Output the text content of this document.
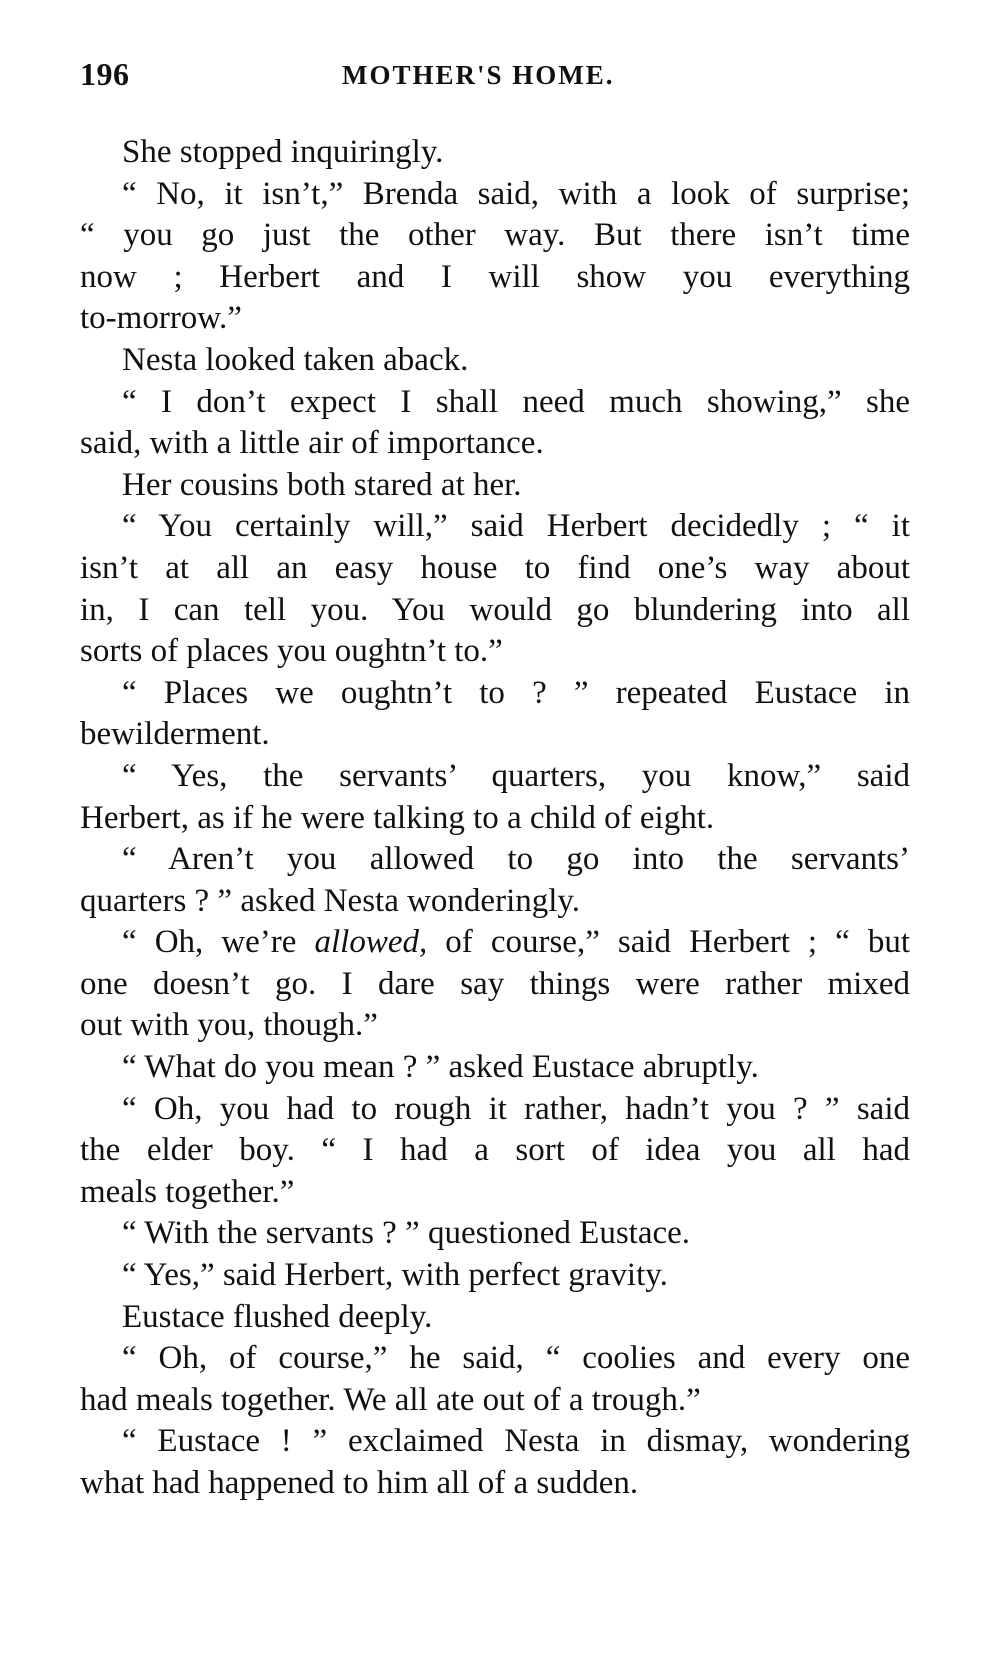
196	MOTHER'S HOME.
She stopped inquiringly.
“ No, it isn’t,” Brenda said, with a look of surprise;
“ you go just the other way. But there isn’t time
now ; Herbert and I will show you everything
to-morrow.”
Nesta looked taken aback.
“ I don’t expect I shall need much showing,” she
said, with a little air of importance.
Her cousins both stared at her.
“ You certainly will,” said Herbert decidedly ; “ it
isn’t at all an easy house to find one’s way about
in, I can tell you. You would go blundering into all
sorts of places you oughtn’t to.”
“ Places we oughtn’t to ? ” repeated Eustace in
bewilderment.
“ Yes, the servants’ quarters, you know,” said
Herbert, as if he were talking to a child of eight.
“ Aren’t you allowed to go into the servants’
quarters ? ” asked Nesta wonderingly.
“ Oh, we’re allowed, of course,” said Herbert ; “ but
one doesn’t go. I dare say things were rather mixed
out with you, though.”
“ What do you mean ? ” asked Eustace abruptly.
“ Oh, you had to rough it rather, hadn’t you ? ” said
the elder boy. “ I had a sort of idea you all had
meals together.”
“ With the servants ? ” questioned Eustace.
“ Yes,” said Herbert, with perfect gravity.
Eustace flushed deeply.
“ Oh, of course,” he said, “ coolies and every one
had meals together. We all ate out of a trough.”
“ Eustace ! ” exclaimed Nesta in dismay, wondering
what had happened to him all of a sudden.
